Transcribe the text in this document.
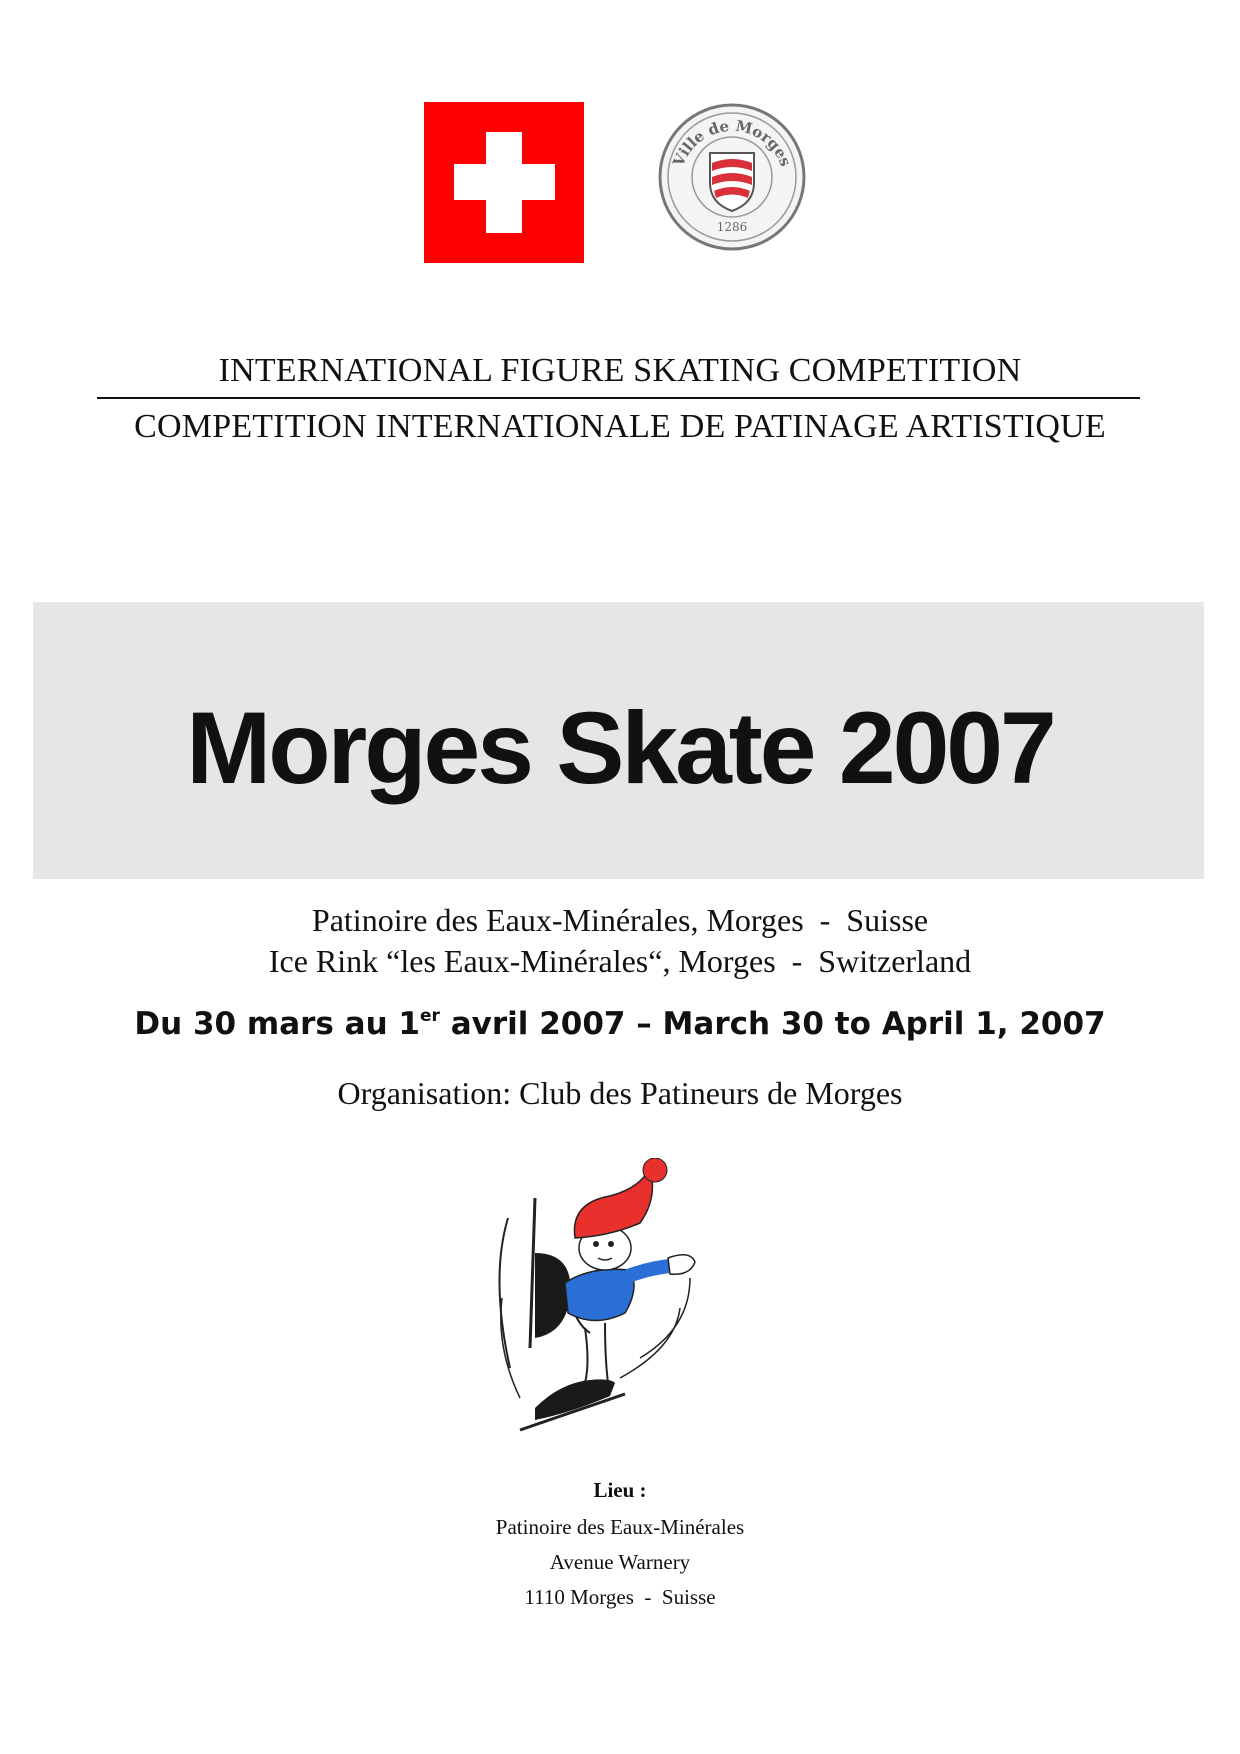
Ville de Morges
1286
INTERNATIONAL FIGURE SKATING COMPETITION
COMPETITION INTERNATIONALE DE PATINAGE ARTISTIQUE
Morges Skate 2007
Patinoire des Eaux-Minérales, Morges  -  Suisse
Ice Rink “les Eaux-Minérales“, Morges  -  Switzerland
Du 30 mars au 1er avril 2007 – March 30 to April 1, 2007
Organisation: Club des Patineurs de Morges
Lieu :
Patinoire des Eaux-Minérales
Avenue Warnery
1110 Morges  -  Suisse
